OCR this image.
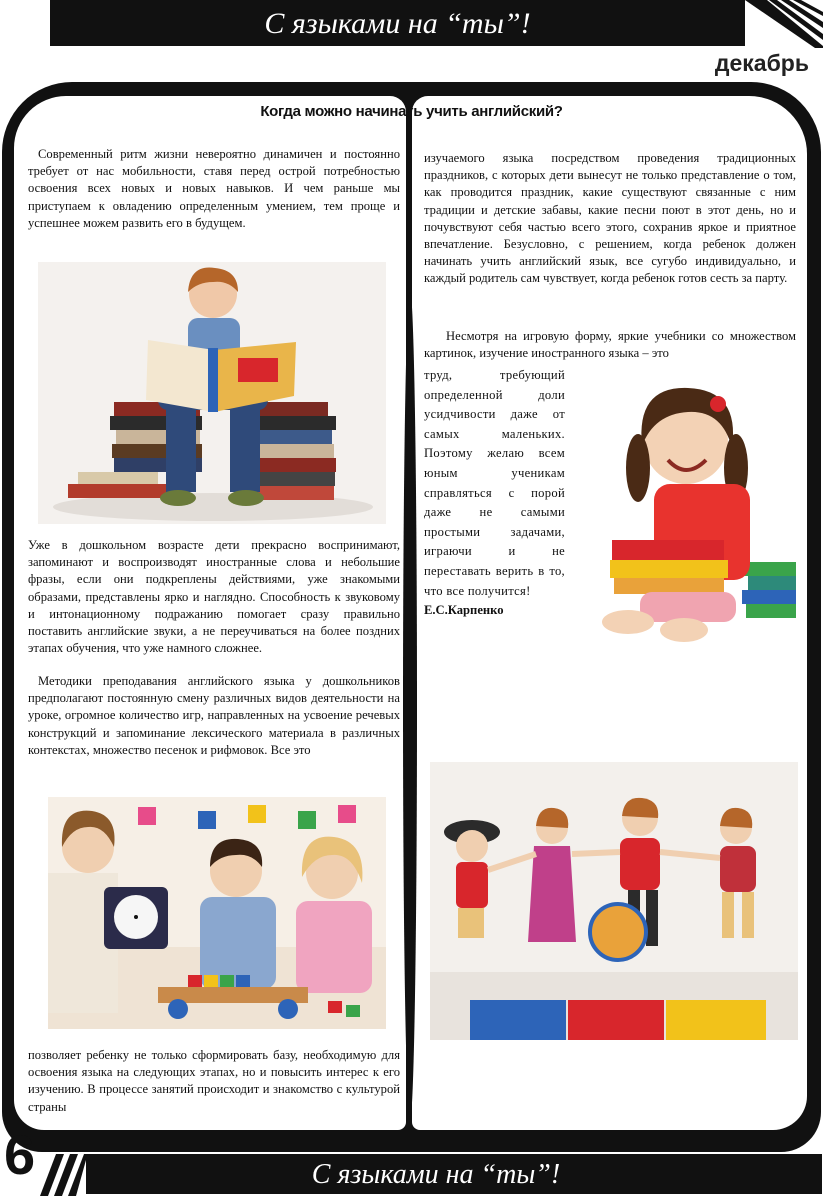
С языками на “ты”!
декабрь
Когда можно начинать учить английский?
Современный ритм жизни невероятно динамичен и постоянно требует от нас мобильности, ставя перед острой потребностью освоения всех новых и новых навыков. И чем раньше мы приступаем к овладению определенным умением, тем проще и успешнее можем развить его в будущем.
Уже в дошкольном возрасте дети прекрасно воспринимают, запоминают и воспроизводят иностранные слова и небольшие фразы, если они подкреплены действиями, уже знакомыми образами, представлены ярко и наглядно. Способность к звуковому и интонационному подражанию помогает сразу правильно поставить английские звуки, а не переучиваться на более поздних этапах обучения, что уже намного сложнее.
Методики преподавания английского языка у дошкольников предполагают постоянную смену различных видов деятельности на уроке, огромное количество игр, направленных на усвоение речевых конструкций и запоминание лексического материала в различных контекстах, множество песенок и рифмовок. Все это
позволяет ребенку не только сформировать базу, необходимую для освоения языка на следующих этапах, но и повысить интерес к его изучению. В процессе занятий происходит и знакомство с культурой страны
изучаемого языка посредством проведения традиционных праздников, с которых дети вынесут не только представление о том, как проводится праздник, какие существуют связанные с ним традиции и детские забавы, какие песни поют в этот день, но и почувствуют себя частью всего этого, сохранив яркое и приятное впечатление. Безусловно, с решением, когда ребенок должен начинать учить английский язык, все сугубо индивидуально, и каждый родитель сам чувствует, когда ребенок готов сесть за парту.
Несмотря на игровую форму, яркие учебники со множеством картинок, изучение иностранного языка – это
труд, требующий определенной доли усидчивости даже от самых маленьких. Поэтому желаю всем юным ученикам справляться с порой даже не самыми простыми задачами, играючи и не переставать верить в то, что все получится!
Е.С.Карпенко
С языками на “ты”!
6
